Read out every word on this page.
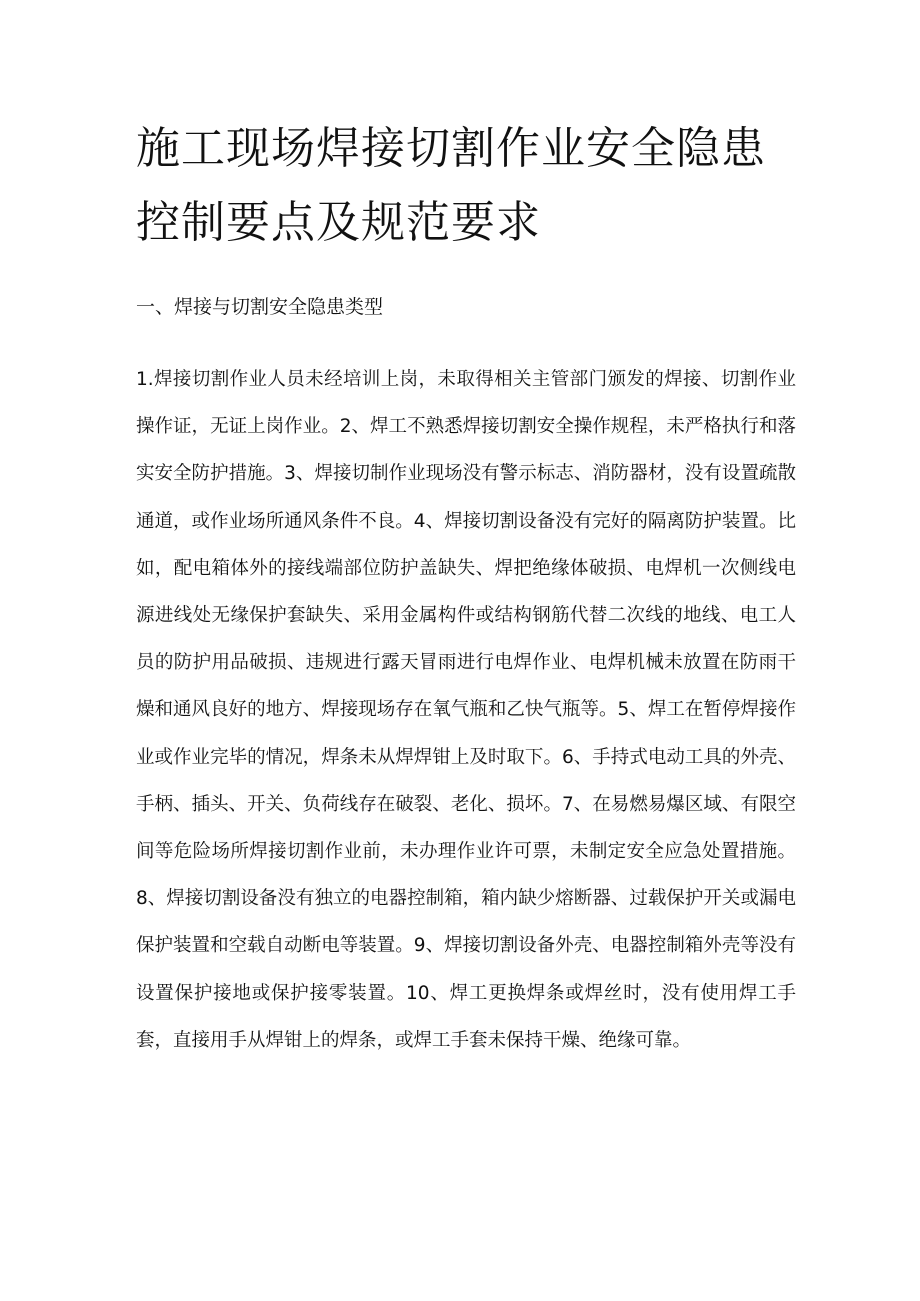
施工现场焊接切割作业安全隐患控制要点及规范要求
一、焊接与切割安全隐患类型

1.焊接切割作业人员未经培训上岗，未取得相关主管部门颁发的焊接、切割作业操作证，无证上岗作业。2、焊工不熟悉焊接切割安全操作规程，未严格执行和落实安全防护措施。3、焊接切制作业现场没有警示标志、消防器材，没有设置疏散通道，或作业场所通风条件不良。4、焊接切割设备没有完好的隔离防护装置。比如，配电箱体外的接线端部位防护盖缺失、焊把绝缘体破损、电焊机一次侧线电源进线处无缘保护套缺失、采用金属构件或结构钢筋代替二次线的地线、电工人员的防护用品破损、违规进行露天冒雨进行电焊作业、电焊机械未放置在防雨干燥和通风良好的地方、焊接现场存在氧气瓶和乙快气瓶等。5、焊工在暂停焊接作业或作业完毕的情况，焊条未从焊焊钳上及时取下。6、手持式电动工具的外壳、手柄、插头、开关、负荷线存在破裂、老化、损坏。7、在易燃易爆区域、有限空间等危险场所焊接切割作业前，未办理作业许可票，未制定安全应急处置措施。8、焊接切割设备没有独立的电器控制箱，箱内缺少熔断器、过载保护开关或漏电保护装置和空载自动断电等装置。9、焊接切割设备外壳、电器控制箱外壳等没有设置保护接地或保护接零装置。10、焊工更换焊条或焊丝时，没有使用焊工手套，直接用手从焊钳上的焊条，或焊工手套未保持干燥、绝缘可靠。
